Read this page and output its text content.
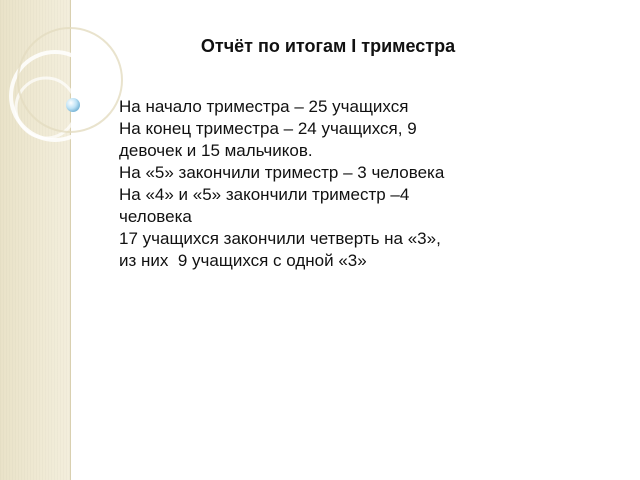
Отчёт по итогам I триместра
На начало триместра – 25 учащихся
На конец триместра – 24 учащихся, 9
девочек и 15 мальчиков.
На «5» закончили триместр – 3 человека
На «4» и «5» закончили триместр –4
человека
17 учащихся закончили четверть на «3»,
из них  9 учащихся с одной «3»
